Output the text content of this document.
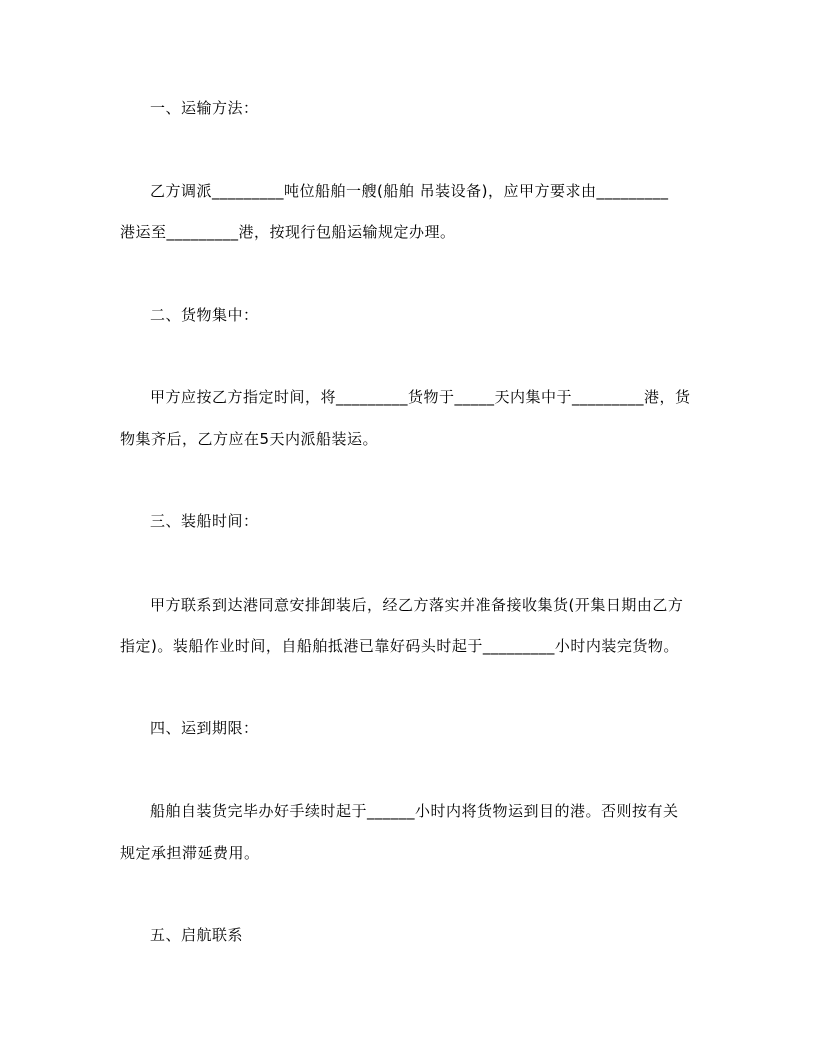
一、运输方法：
乙方调派_________吨位船舶一艘(船舶 吊装设备)，应甲方要求由_________
港运至_________港，按现行包船运输规定办理。
二、货物集中：
甲方应按乙方指定时间，将_________货物于_____天内集中于_________港，货
物集齐后，乙方应在5天内派船装运。
三、装船时间：
甲方联系到达港同意安排卸装后，经乙方落实并准备接收集货(开集日期由乙方
指定)。装船作业时间，自船舶抵港已靠好码头时起于_________小时内装完货物。
四、运到期限：
船舶自装货完毕办好手续时起于______小时内将货物运到目的港。否则按有关
规定承担滞延费用。
五、启航联系
